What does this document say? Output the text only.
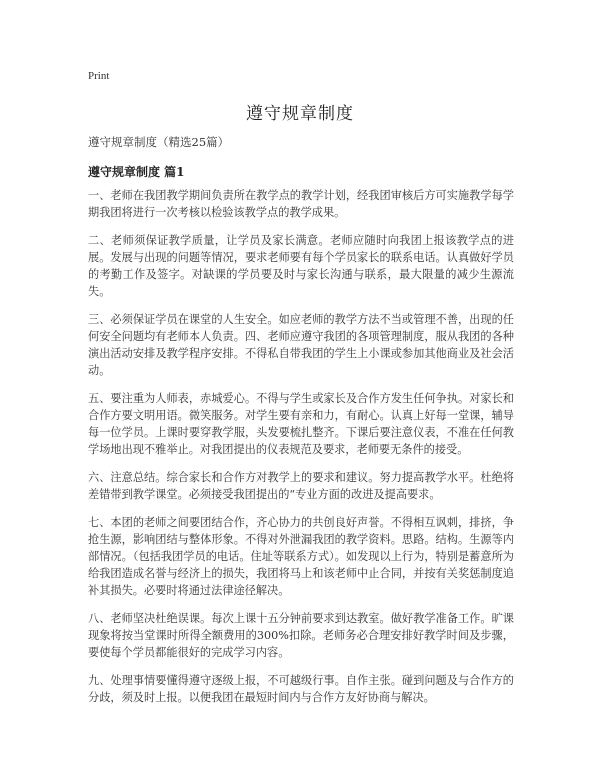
Print
遵守规章制度
遵守规章制度（精选25篇）
遵守规章制度 篇1

一、老师在我团教学期间负责所在教学点的教学计划，经我团审核后方可实施教学每学期我团将进行一次考核以检验该教学点的教学成果。

二、老师须保证教学质量，让学员及家长满意。老师应随时向我团上报该教学点的进展。发展与出现的问题等情况，要求老师要有每个学员家长的联系电话。认真做好学员的考勤工作及签字。对缺课的学员要及时与家长沟通与联系，最大限量的减少生源流失。

三、必须保证学员在课堂的人生安全。如应老师的教学方法不当或管理不善，出现的任何安全问题均有老师本人负责。四、老师应遵守我团的各项管理制度，服从我团的各种演出活动安排及教学程序安排。不得私自带我团的学生上小课或参加其他商业及社会活动。

五、要注重为人师表，赤城爱心。不得与学生或家长及合作方发生任何争执。对家长和合作方要文明用语。微笑服务。对学生要有亲和力，有耐心。认真上好每一堂课，辅导每一位学员。上课时要穿教学服，头发要梳扎整齐。下课后要注意仪表，不准在任何教学场地出现不雅举止。对我团提出的仪表规范及要求，老师要无条件的接受。

六、注意总结。综合家长和合作方对教学上的要求和建议。努力提高教学水平。杜绝将差错带到教学课堂。必须接受我团提出的“专业方面的改进及提高要求。

七、本团的老师之间要团结合作，齐心协力的共创良好声誉。不得相互讽刺，排挤，争抢生源，影响团结与整体形象。不得对外泄漏我团的教学资料。思路。结构。生源等内部情况。（包括我团学员的电话。住址等联系方式）。如发现以上行为，特别是蓄意所为给我团造成名誉与经济上的损失，我团将马上和该老师中止合同，并按有关奖惩制度追补其损失。必要时将通过法律途径解决。

八、老师坚决杜绝误课。每次上课十五分钟前要求到达教室。做好教学准备工作。旷课现象将按当堂课时所得全额费用的300%扣除。老师务必合理安排好教学时间及步骤，要使每个学员都能很好的完成学习内容。

九、处理事情要懂得遵守逐级上报，不可越级行事。自作主张。碰到问题及与合作方的分歧，须及时上报。以便我团在最短时间内与合作方友好协商与解决。
